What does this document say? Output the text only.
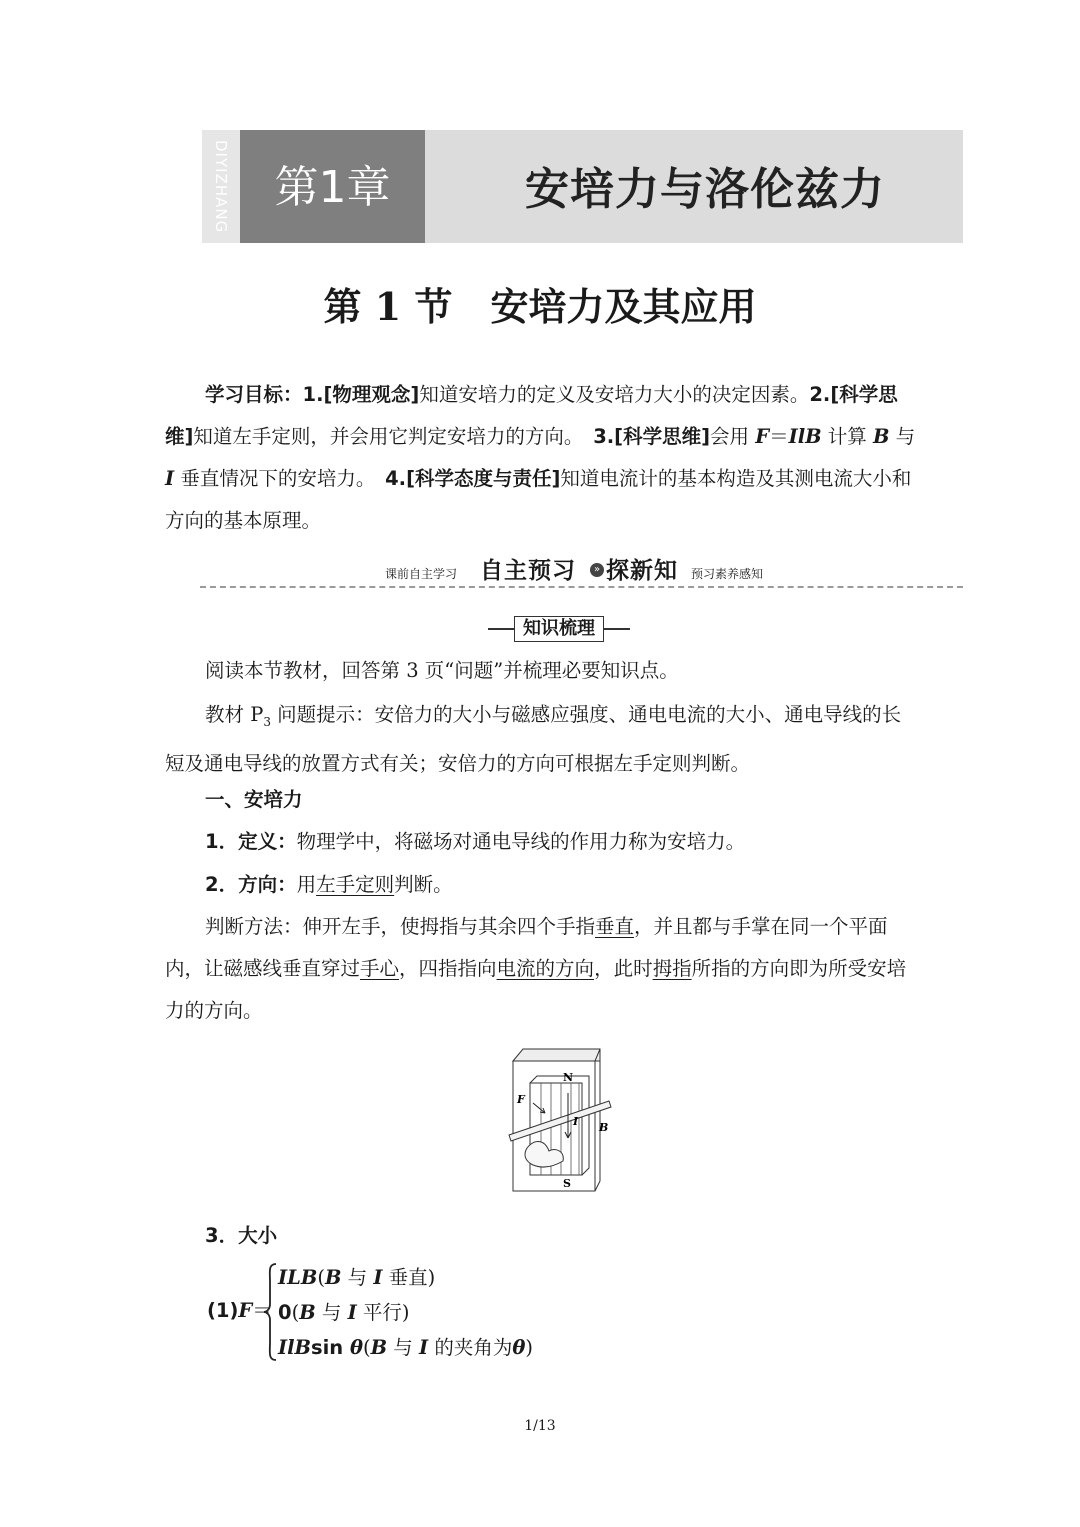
DIYIZHANG	第1章	安培力与洛伦兹力
第 1 节　安培力及其应用
学习目标：1.[物理观念]知道安培力的定义及安培力大小的决定因素。2.[科学思维]知道左手定则，并会用它判定安培力的方向。　3.[科学思维]会用 F＝IlB 计算 B 与 I 垂直情况下的安培力。　4.[科学态度与责任]知道电流计的基本构造及其测电流大小和方向的基本原理。
课前自主学习 自主预习	» 探新知 预习素养感知
知识梳理
阅读本节教材，回答第 3 页“问题”并梳理必要知识点。
教材 $P_3$ 问题提示：安倍力的大小与磁感应强度、通电电流的大小、通电导线的长短及通电导线的放置方式有关；安倍力的方向可根据左手定则判断。
一、安培力
1．定义：物理学中，将磁场对通电导线的作用力称为安培力。
2．方向：用左手定则判断。
判断方法：伸开左手，使拇指与其余四个手指垂直，并且都与手掌在同一个平面内，让磁感线垂直穿过手心，四指指向电流的方向，此时拇指所指的方向即为所受安培力的方向。
N
S
F
I B
3．大小
(1)F＝
ILB(B 与 I 垂直)
0(B 与 I 平行)
IlBsin θ(B 与 I 的夹角为θ)
1/13
